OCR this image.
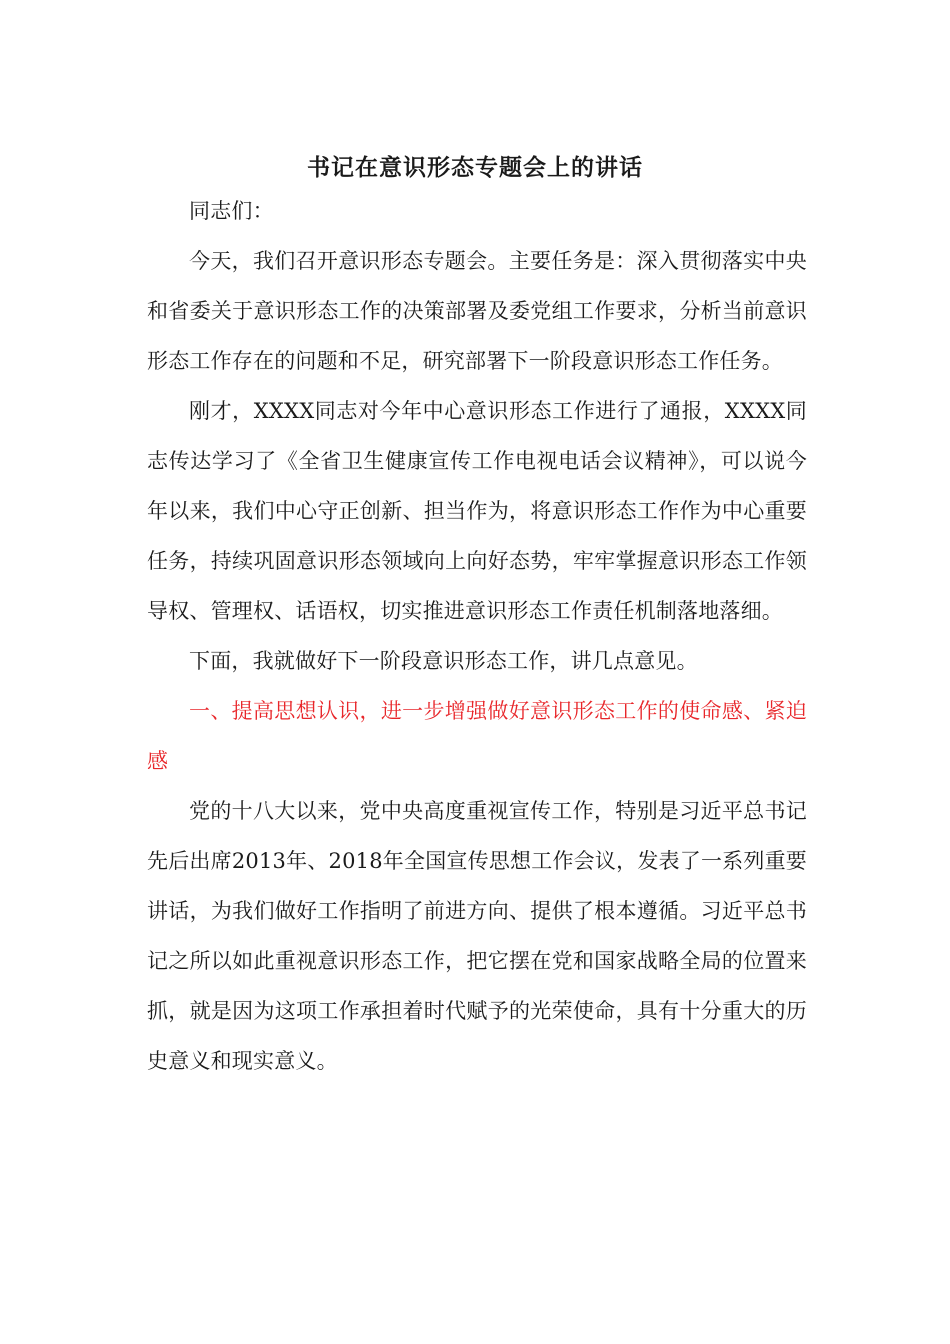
书记在意识形态专题会上的讲话

同志们：

今天，我们召开意识形态专题会。主要任务是：深入贯彻落实中央和省委关于意识形态工作的决策部署及委党组工作要求，分析当前意识形态工作存在的问题和不足，研究部署下一阶段意识形态工作任务。

刚才，XXXX同志对今年中心意识形态工作进行了通报，XXXX同志传达学习了《全省卫生健康宣传工作电视电话会议精神》，可以说今年以来，我们中心守正创新、担当作为，将意识形态工作作为中心重要任务，持续巩固意识形态领域向上向好态势，牢牢掌握意识形态工作领导权、管理权、话语权，切实推进意识形态工作责任机制落地落细。

下面，我就做好下一阶段意识形态工作，讲几点意见。

一、提高思想认识，进一步增强做好意识形态工作的使命感、紧迫感

党的十八大以来，党中央高度重视宣传工作，特别是习近平总书记先后出席2013年、2018年全国宣传思想工作会议，发表了一系列重要讲话，为我们做好工作指明了前进方向、提供了根本遵循。习近平总书记之所以如此重视意识形态工作，把它摆在党和国家战略全局的位置来抓，就是因为这项工作承担着时代赋予的光荣使命，具有十分重大的历史意义和现实意义。
